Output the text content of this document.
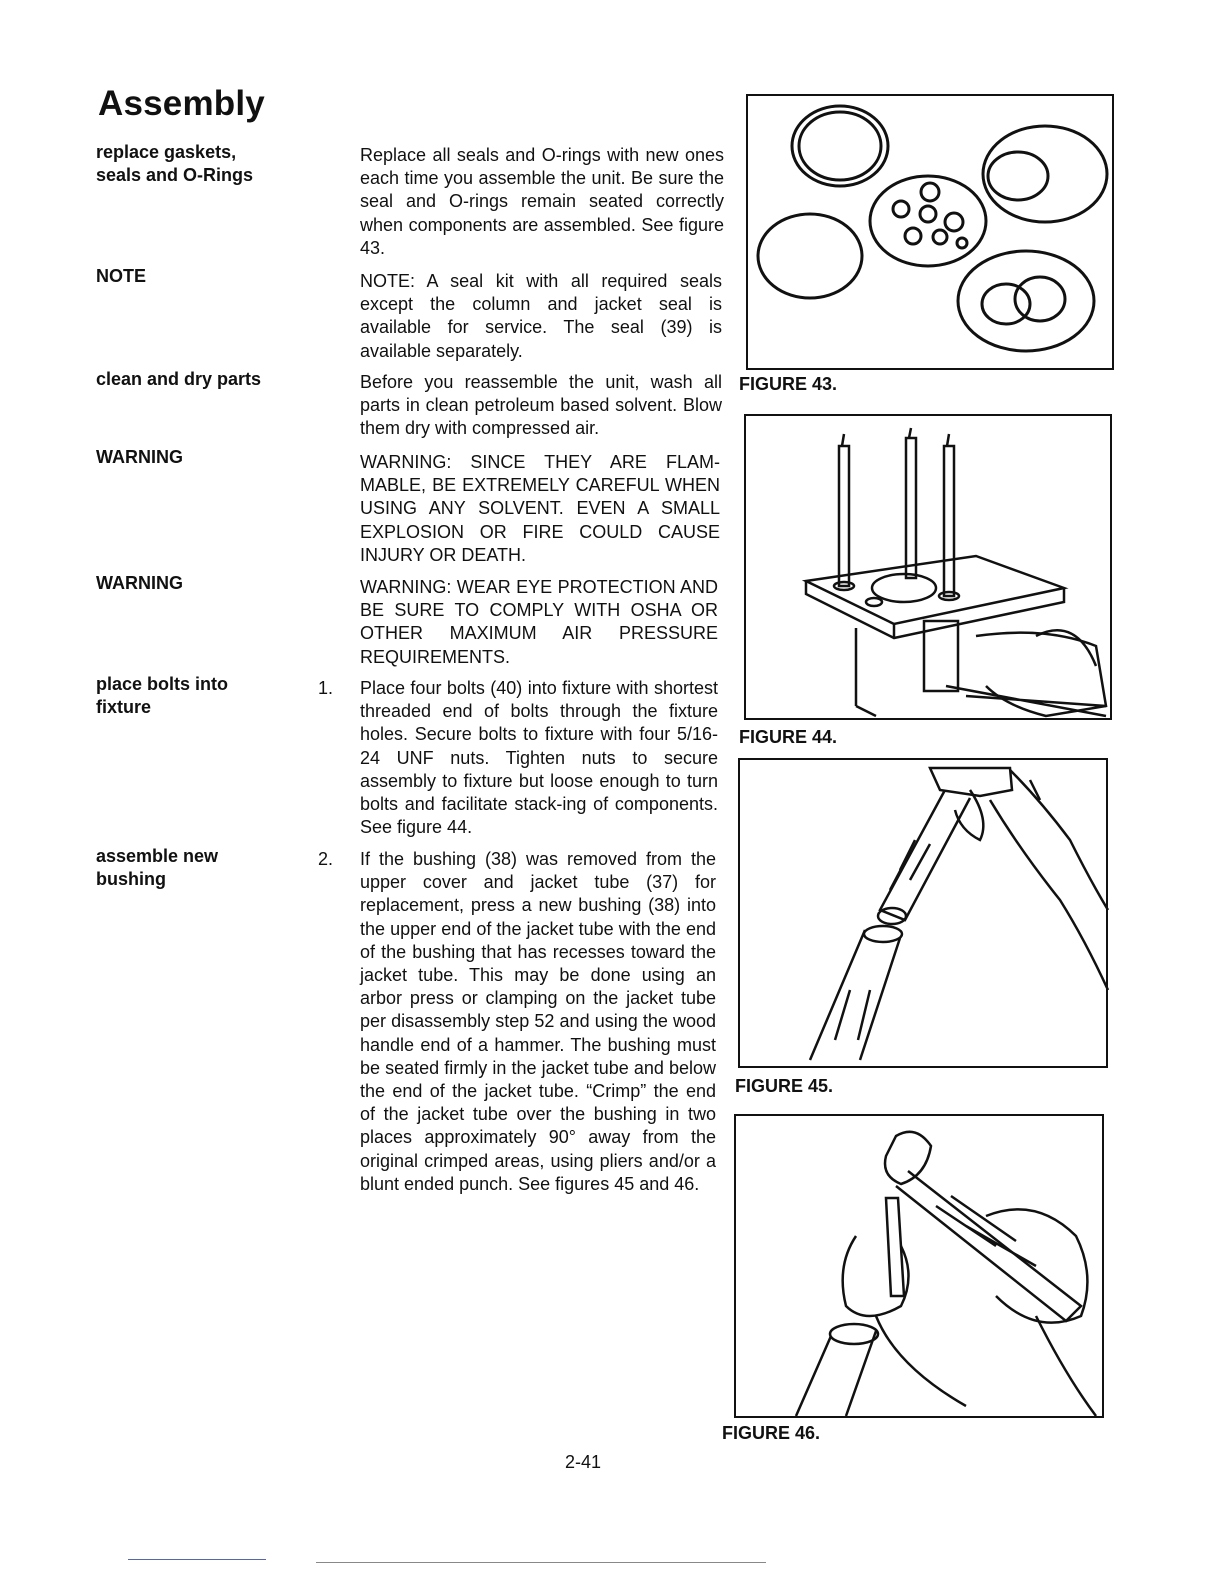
Assembly

replace gaskets,
seals and O-Rings

Replace all seals and O-rings with new ones each time you assemble the unit. Be sure the seal and O-rings remain seated correctly when components are assembled. See figure 43.

NOTE	NOTE: A seal kit with all required seals except the column and jacket seal is available for service. The seal (39) is available separately.

clean and dry parts	Before you reassemble the unit, wash all parts in clean petroleum based solvent. Blow them dry with compressed air.

WARNING	WARNING: SINCE THEY ARE FLAM-MABLE, BE EXTREMELY CAREFUL WHEN USING ANY SOLVENT. EVEN A SMALL EXPLOSION OR FIRE COULD CAUSE INJURY OR DEATH.

WARNING	WARNING: WEAR EYE PROTECTION AND BE SURE TO COMPLY WITH OSHA OR OTHER MAXIMUM AIR PRESSURE REQUIREMENTS.

place bolts into
fixture

1. Place four bolts (40) into fixture with shortest threaded end of bolts through the fixture holes. Secure bolts to fixture with four 5/16-24 UNF nuts. Tighten nuts to secure assembly to fixture but loose enough to turn bolts and facilitate stack-ing of components. See figure 44.

assemble new
bushing

2. If the bushing (38) was removed from the upper cover and jacket tube (37) for replacement, press a new bushing (38) into the upper end of the jacket tube with the end of the bushing that has recesses toward the jacket tube. This may be done using an arbor press or clamping on the jacket tube per disassembly step 52 and using the wood handle end of a hammer. The bushing must be seated firmly in the jacket tube and below the end of the jacket tube. “Crimp” the end of the jacket tube over the bushing in two places approximately 90° away from the original crimped areas, using pliers and/or a blunt ended punch. See figures 45 and 46.

FIGURE 43.

FIGURE 44.

FIGURE 45.

FIGURE 46.

2-41
